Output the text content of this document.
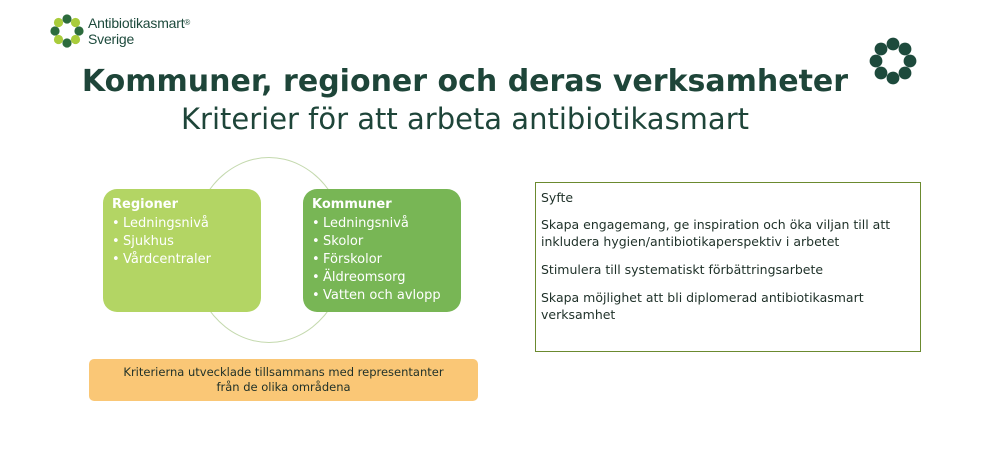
Antibiotikasmart®
Sverige
Kommuner, regioner och deras verksamheter
Kriterier för att arbeta antibiotikasmart
Regioner
• Ledningsnivå
• Sjukhus
• Vårdcentraler
Kommuner
• Ledningsnivå
• Skolor
• Förskolor
• Äldreomsorg
• Vatten och avlopp
Kriterierna utvecklade tillsammans med representanter
från de olika områdena

Syfte

Skapa engagemang, ge inspiration och öka viljan till att inkludera hygien/antibiotikaperspektiv i arbetet

Stimulera till systematiskt förbättringsarbete

Skapa möjlighet att bli diplomerad antibiotikasmart verksamhet
